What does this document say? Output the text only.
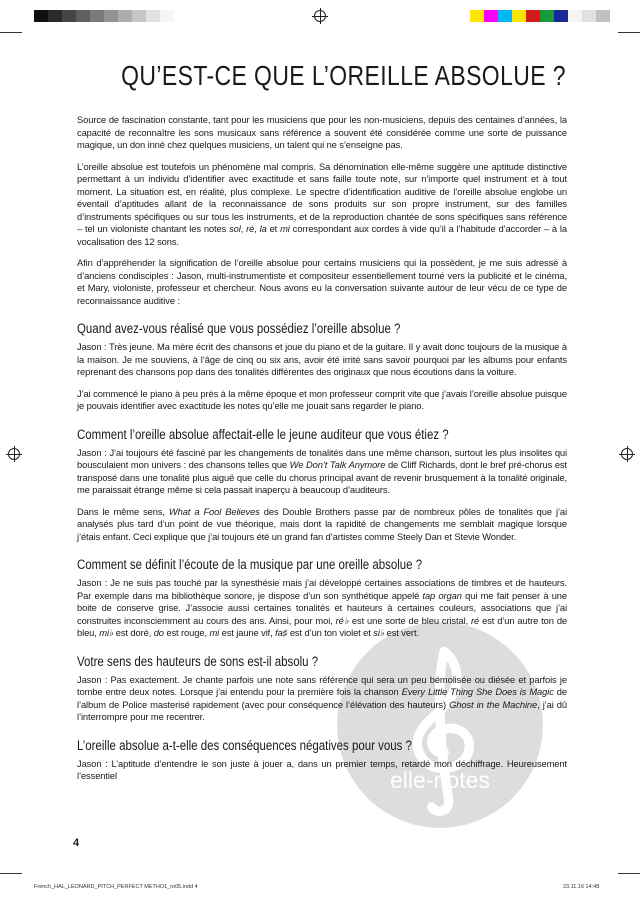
elle-notes
QU’EST-CE QUE L’OREILLE ABSOLUE ?

Source de fascination constante, tant pour les musiciens que pour les non-musiciens, depuis des centaines d’années, la capacité de reconnaître les sons musicaux sans référence a souvent été considérée comme une sorte de puissance magique, un don inné chez quelques musiciens, un talent qui ne s’enseigne pas.

L’oreille absolue est toutefois un phénomène mal compris. Sa dénomination elle-même suggère une aptitude distinctive permettant à un individu d’identifier avec exactitude et sans faille toute note, sur n’importe quel instrument et à tout moment. La situation est, en réalité, plus complexe. Le spectre d’identification auditive de l’oreille absolue englobe un éventail d’aptitudes allant de la reconnaissance de sons produits sur son propre instrument, sur des familles d’instruments spécifiques ou sur tous les instruments, et de la reproduction chantée de sons spécifiques sans référence – tel un violoniste chantant les notes sol, ré, la et mi correspondant aux cordes à vide qu’il a l’habitude d’accorder – à la vocalisation des 12 sons.

Afin d’appréhender la signification de l’oreille absolue pour certains musiciens qui la possèdent, je me suis adressé à d’anciens condisciples : Jason, multi-instrumentiste et compositeur essentiellement tourné vers la publicité et le cinéma, et Mary, violoniste, professeur et chercheur. Nous avons eu la conversation suivante autour de leur vécu de ce type de reconnaissance auditive :

Quand avez-vous réalisé que vous possédiez l’oreille absolue ?

Jason : Très jeune. Ma mère écrit des chansons et joue du piano et de la guitare. Il y avait donc toujours de la musique à la maison. Je me souviens, à l’âge de cinq ou six ans, avoir été irrité sans savoir pourquoi par les albums pour enfants reprenant des chansons pop dans des tonalités différentes des originaux que nous écoutions dans la voiture.

J’ai commencé le piano à peu près à la même époque et mon professeur comprit vite que j’avais l’oreille absolue puisque je pouvais identifier avec exactitude les notes qu’elle me jouait sans regarder le piano.

Comment l’oreille absolue affectait-elle le jeune auditeur que vous étiez ?

Jason : J’ai toujours été fasciné par les changements de tonalités dans une même chanson, surtout les plus insolites qui bousculaient mon univers : des chansons telles que We Don’t Talk Anymore de Cliff Richards, dont le bref pré-chorus est transposé dans une tonalité plus aiguë que celle du chorus principal avant de revenir brusquement à la tonalité originale, me paraissait étrange même si cela passait inaperçu à beaucoup d’auditeurs.

Dans le même sens, What a Fool Believes des Double Brothers passe par de nombreux pôles de tonalités que j’ai analysés plus tard d’un point de vue théorique, mais dont la rapidité de changements me semblait magique lorsque j’étais enfant. Ceci explique que j’ai toujours été un grand fan d’artistes comme Steely Dan et Stevie Wonder.

Comment se définit l’écoute de la musique par une oreille absolue ?

Jason : Je ne suis pas touché par la synesthésie mais j’ai développé certaines associations de timbres et de hauteurs. Par exemple dans ma bibliothèque sonore, je dispose d’un son synthétique appelé tap organ qui me fait penser à une boite de conserve grise. J’associe aussi certaines tonalités et hauteurs à certaines couleurs, associations que j’ai construites inconsciemment au cours des ans. Ainsi, pour moi, ré♭ est une sorte de bleu cristal, ré est d’un autre ton de bleu, mi♭ est doré, do est rouge, mi est jaune vif, fa♯ est d’un ton violet et si♭ est vert.

Votre sens des hauteurs de sons est-il absolu ?

Jason : Pas exactement. Je chante parfois une note sans référence qui sera un peu bémolisée ou diésée et parfois je tombe entre deux notes. Lorsque j’ai entendu pour la première fois la chanson Every Little Thing She Does is Magic de l’album de Police masterisé rapidement (avec pour conséquence l’élévation des hauteurs) Ghost in the Machine, j’ai dû l’interrompre pour me recentrer.

L’oreille absolue a-t-elle des conséquences négatives pour vous ?

Jason : L’aptitude d’entendre le son juste à jouer a, dans un premier temps, retardé mon déchiffrage. Heureusement l’essentiel

4
French_HAL_LEONARD_PITCH_PERFECT METHO1_ro05.indd 4	23.11.16 14:48
